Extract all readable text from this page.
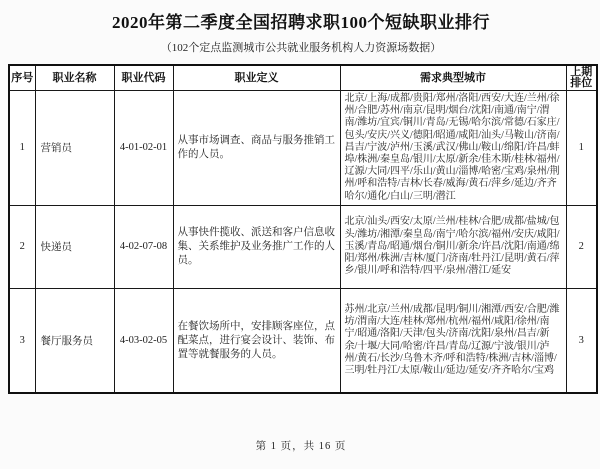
2020年第二季度全国招聘求职100个短缺职业排行
（102个定点监测城市公共就业服务机构人力资源场数据）
序号	职业名称	职业代码	职业定义	需求典型城市	上期排位
1	营销员	4-01-02-01	从事市场调查、商品与服务推销工作的人员。	北京/上海/成都/贵阳/郑州/洛阳/西安/大连/兰州/徐州/合肥/苏州/南京/昆明/烟台/沈阳/南通/南宁/渭南/潍坊/宜宾/铜川/青岛/无锡/哈尔滨/常德/石家庄/包头/安庆/兴义/德阳/昭通/咸阳/汕头/马鞍山/济南/昌吉/宁波/泸州/玉溪/武汉/佛山/鞍山/绵阳/许昌/蚌埠/株洲/秦皇岛/银川/太原/新余/佳木斯/桂林/福州/辽源/大同/四平/乐山/黄山/淄博/哈密/宝鸡/泉州/荆州/呼和浩特/吉林/长春/威海/黄石/萍乡/延边/齐齐哈尔/通化/白山/三明/潜江	1
2	快递员	4-02-07-08	从事快件揽收、派送和客户信息收集、关系维护及业务推广工作的人员。	北京/汕头/西安/太原/兰州/桂林/合肥/成都/盐城/包头/潍坊/湘潭/秦皇岛/南宁/哈尔滨/福州/安庆/咸阳/玉溪/青岛/昭通/烟台/铜川/新余/许昌/沈阳/南通/绵阳/郑州/株洲/吉林/厦门/济南/牡丹江/昆明/黄石/萍乡/银川/呼和浩特/四平/泉州/潜江/延安	2
3	餐厅服务员	4-03-02-05	在餐饮场所中，安排顾客座位，点配菜点，进行宴会设计、装饰、布置等就餐服务的人员。	苏州/北京/兰州/成都/昆明/铜川/湘潭/西安/合肥/潍坊/渭南/大连/桂林/郑州/杭州/福州/咸阳/徐州/南宁/昭通/洛阳/天津/包头/济南/沈阳/泉州/昌吉/新余/十堰/大同/哈密/许昌/青岛/辽源/宁波/银川/泸州/黄石/长沙/乌鲁木齐/呼和浩特/株洲/吉林/淄博/三明/牡丹江/太原/鞍山/延边/延安/齐齐哈尔/宝鸡	3
第 1 页，共 16 页
